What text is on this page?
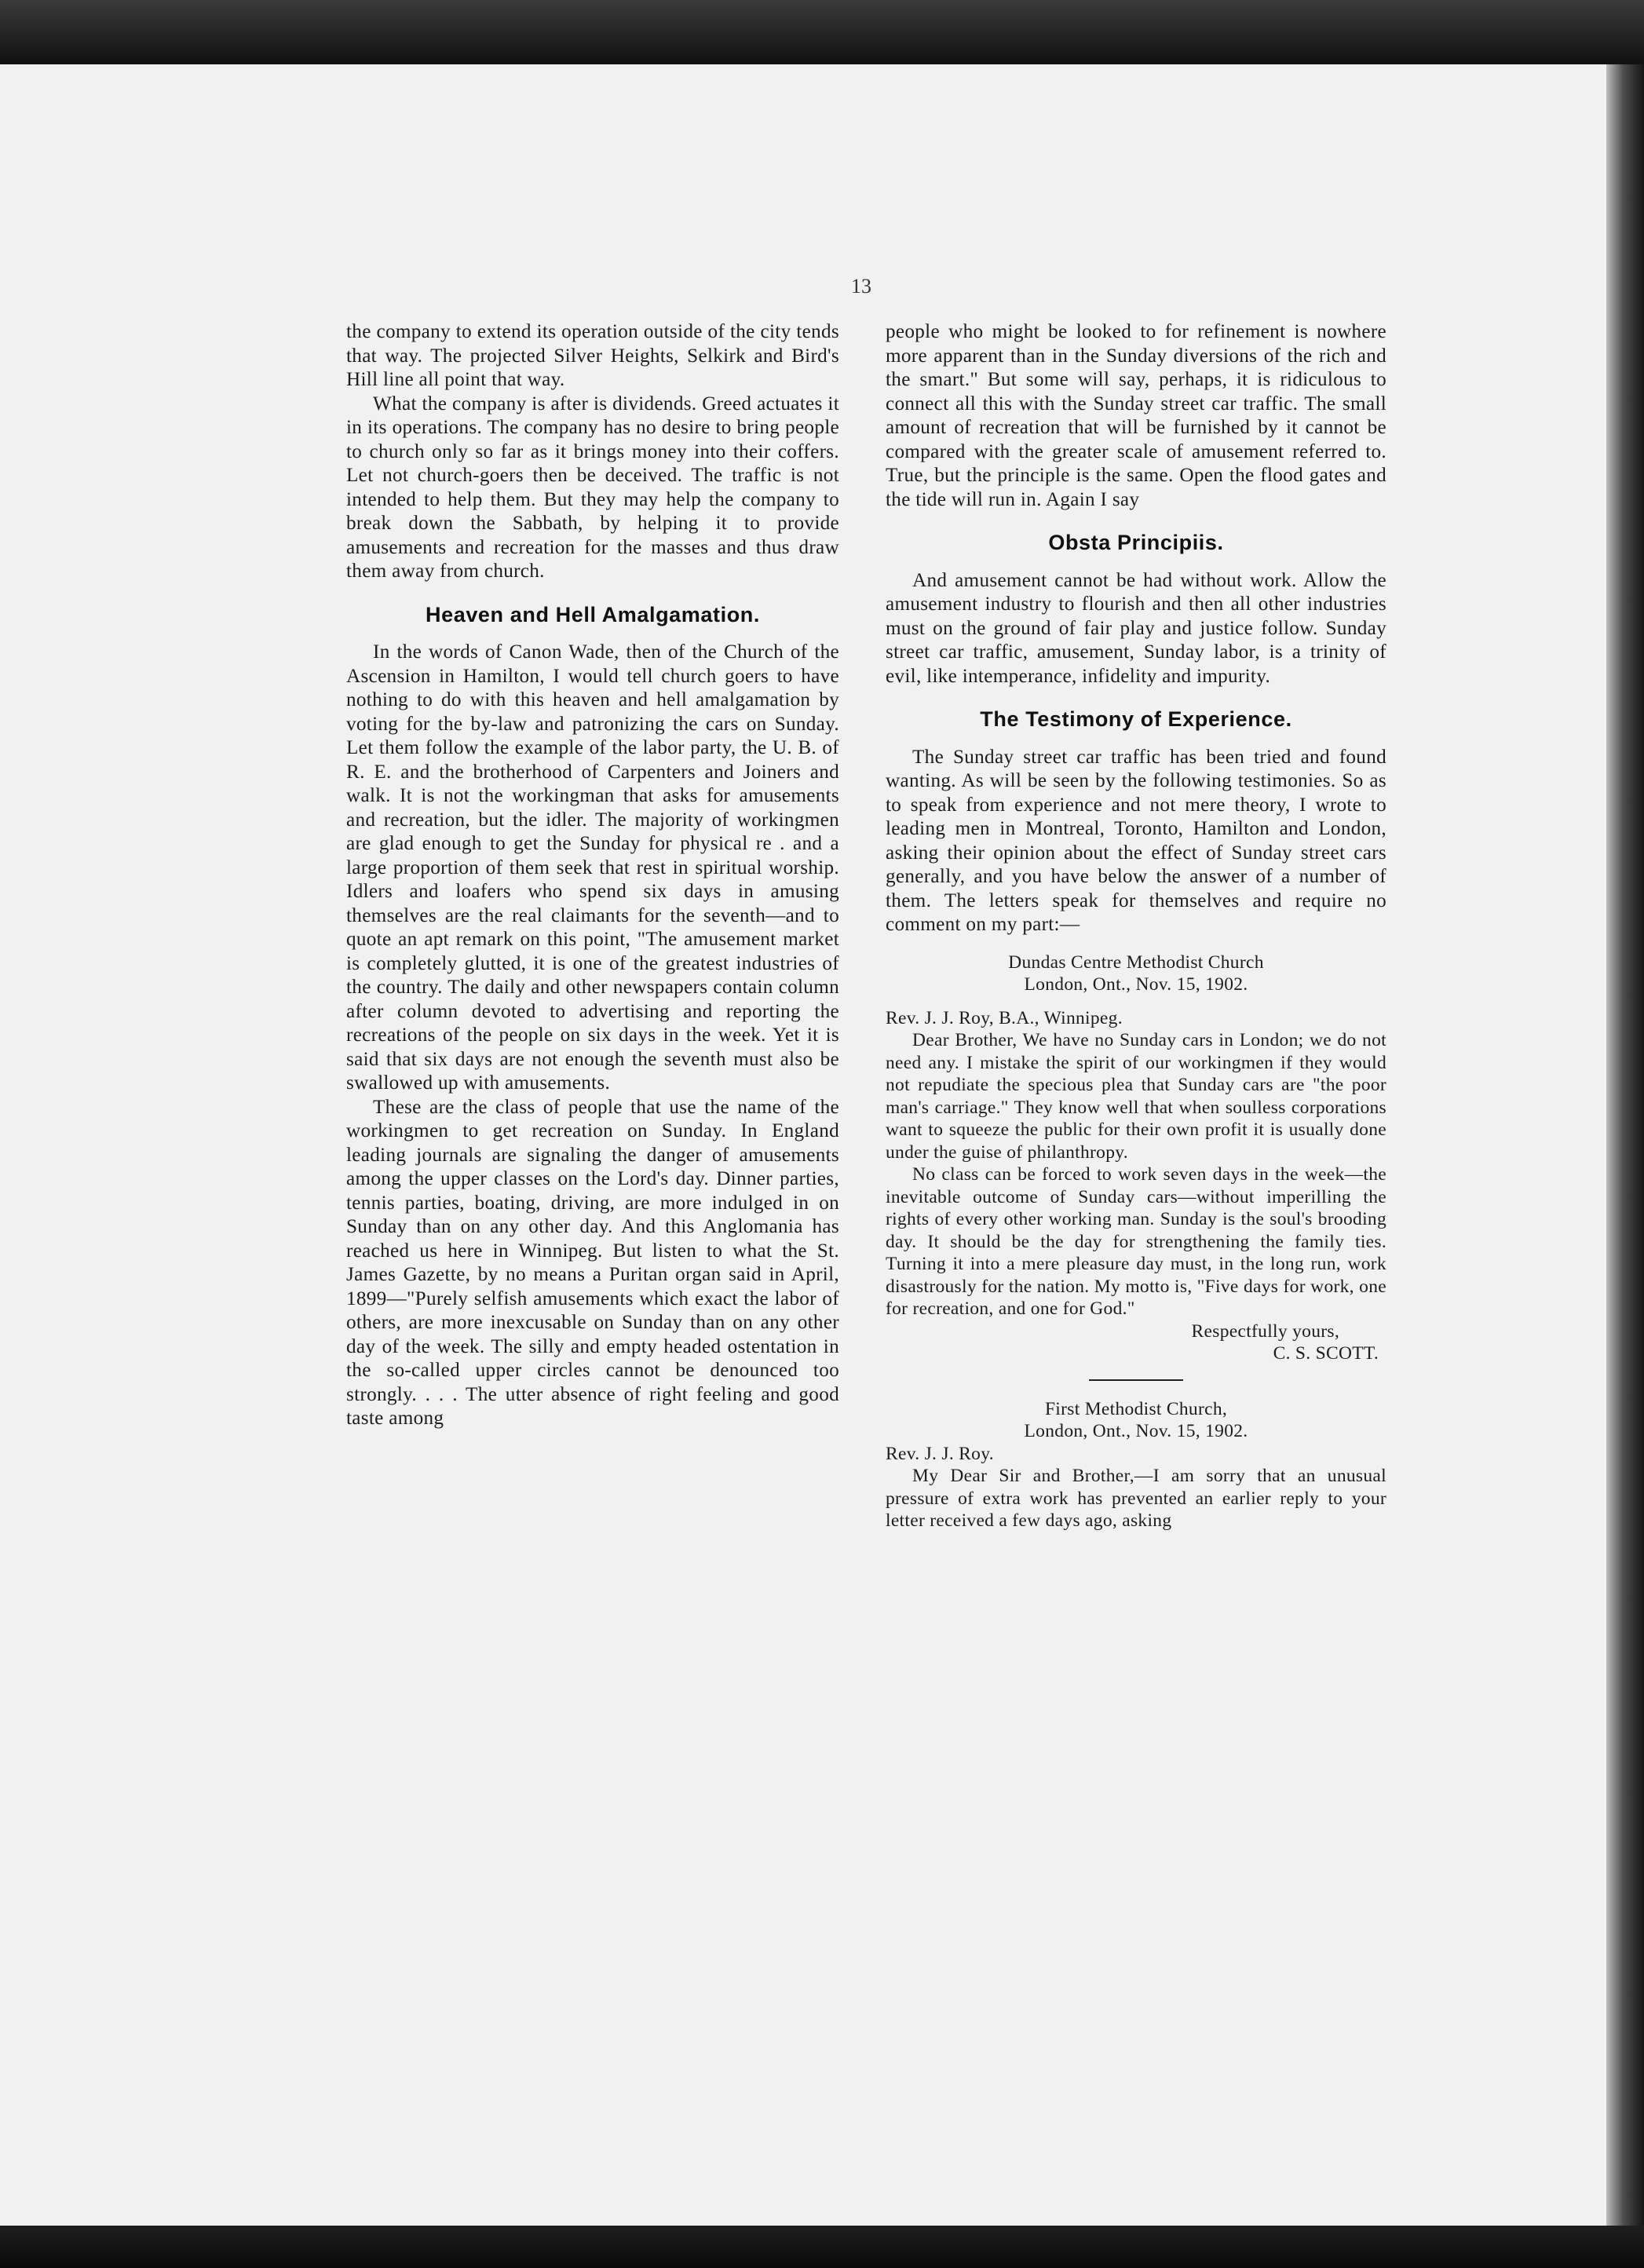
13

the company to extend its operation outside of the city tends that way. The projected Silver Heights, Selkirk and Bird's Hill line all point that way.

What the company is after is dividends. Greed actuates it in its operations. The company has no desire to bring people to church only so far as it brings money into their coffers. Let not church-goers then be deceived. The traffic is not intended to help them. But they may help the company to break down the Sabbath, by helping it to provide amusements and recreation for the masses and thus draw them away from church.

Heaven and Hell Amalgamation.

In the words of Canon Wade, then of the Church of the Ascension in Hamilton, I would tell church goers to have nothing to do with this heaven and hell amalgamation by voting for the by-law and patronizing the cars on Sunday. Let them follow the example of the labor party, the U. B. of R. E. and the brotherhood of Carpenters and Joiners and walk. It is not the workingman that asks for amusements and recreation, but the idler. The majority of workingmen are glad enough to get the Sunday for physical re . and a large proportion of them seek that rest in spiritual worship. Idlers and loafers who spend six days in amusing themselves are the real claimants for the seventh—and to quote an apt remark on this point, "The amusement market is completely glutted, it is one of the greatest industries of the country. The daily and other newspapers contain column after column devoted to advertising and reporting the recreations of the people on six days in the week. Yet it is said that six days are not enough the seventh must also be swallowed up with amusements.

These are the class of people that use the name of the workingmen to get recreation on Sunday. In England leading journals are signaling the danger of amusements among the upper classes on the Lord's day. Dinner parties, tennis parties, boating, driving, are more indulged in on Sunday than on any other day. And this Anglomania has reached us here in Winnipeg. But listen to what the St. James Gazette, by no means a Puritan organ said in April, 1899—"Purely selfish amusements which exact the labor of others, are more inexcusable on Sunday than on any other day of the week. The silly and empty headed ostentation in the so-called upper circles cannot be denounced too strongly. . . . The utter absence of right feeling and good taste among

people who might be looked to for refinement is nowhere more apparent than in the Sunday diversions of the rich and the smart." But some will say, perhaps, it is ridiculous to connect all this with the Sunday street car traffic. The small amount of recreation that will be furnished by it cannot be compared with the greater scale of amusement referred to. True, but the principle is the same. Open the flood gates and the tide will run in. Again I say

Obsta Principiis.

And amusement cannot be had without work. Allow the amusement industry to flourish and then all other industries must on the ground of fair play and justice follow. Sunday street car traffic, amusement, Sunday labor, is a trinity of evil, like intemperance, infidelity and impurity.

The Testimony of Experience.

The Sunday street car traffic has been tried and found wanting. As will be seen by the following testimonies. So as to speak from experience and not mere theory, I wrote to leading men in Montreal, Toronto, Hamilton and London, asking their opinion about the effect of Sunday street cars generally, and you have below the answer of a number of them. The letters speak for themselves and require no comment on my part:—

Dundas Centre Methodist Church

London, Ont., Nov. 15, 1902.

Rev. J. J. Roy, B.A., Winnipeg.

Dear Brother, We have no Sunday cars in London; we do not need any. I mistake the spirit of our workingmen if they would not repudiate the specious plea that Sunday cars are "the poor man's carriage." They know well that when soulless corporations want to squeeze the public for their own profit it is usually done under the guise of philanthropy.

No class can be forced to work seven days in the week—the inevitable outcome of Sunday cars—without imperilling the rights of every other working man. Sunday is the soul's brooding day. It should be the day for strengthening the family ties. Turning it into a mere pleasure day must, in the long run, work disastrously for the nation. My motto is, "Five days for work, one for recreation, and one for God."

Respectfully yours,

C. S. SCOTT.

First Methodist Church,

London, Ont., Nov. 15, 1902.

Rev. J. J. Roy.

My Dear Sir and Brother,—I am sorry that an unusual pressure of extra work has prevented an earlier reply to your letter received a few days ago, asking
